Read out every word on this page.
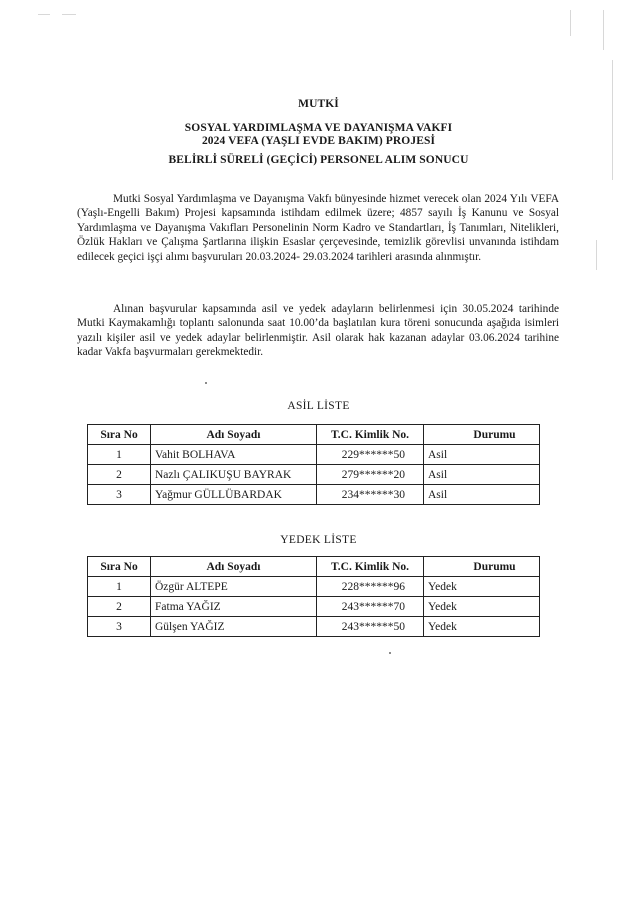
MUTKİ
SOSYAL YARDIMLAŞMA VE DAYANIŞMA VAKFI
2024 VEFA (YAŞLI EVDE BAKIM) PROJESİ
BELİRLİ SÜRELİ (GEÇİCİ) PERSONEL ALIM SONUCU
Mutki Sosyal Yardımlaşma ve Dayanışma Vakfı bünyesinde hizmet verecek olan 2024 Yılı VEFA (Yaşlı-Engelli Bakım) Projesi kapsamında istihdam edilmek üzere; 4857 sayılı İş Kanunu ve Sosyal Yardımlaşma ve Dayanışma Vakıfları Personelinin Norm Kadro ve Standartları, İş Tanımları, Nitelikleri, Özlük Hakları ve Çalışma Şartlarına ilişkin Esaslar çerçevesinde, temizlik görevlisi unvanında istihdam edilecek geçici işçi alımı başvuruları 20.03.2024- 29.03.2024 tarihleri arasında alınmıştır.
Alınan başvurular kapsamında asil ve yedek adayların belirlenmesi için 30.05.2024 tarihinde Mutki Kaymakamlığı toplantı salonunda saat 10.00’da başlatılan kura töreni sonucunda aşağıda isimleri yazılı kişiler asil ve yedek adaylar belirlenmiştir. Asil olarak hak kazanan adaylar 03.06.2024 tarihine kadar Vakfa başvurmaları gerekmektedir.
ASİL LİSTE
Sıra No	Adı Soyadı	T.C. Kimlik No.	Durumu
1	Vahit BOLHAVA	229******50	Asil
2	Nazlı ÇALIKUŞU BAYRAK	279******20	Asil
3	Yağmur GÜLLÜBARDAK	234******30	Asil
YEDEK LİSTE
Sıra No	Adı Soyadı	T.C. Kimlik No.	Durumu
1	Özgür ALTEPE	228******96	Yedek
2	Fatma YAĞIZ	243******70	Yedek
3	Gülşen YAĞIZ	243******50	Yedek
